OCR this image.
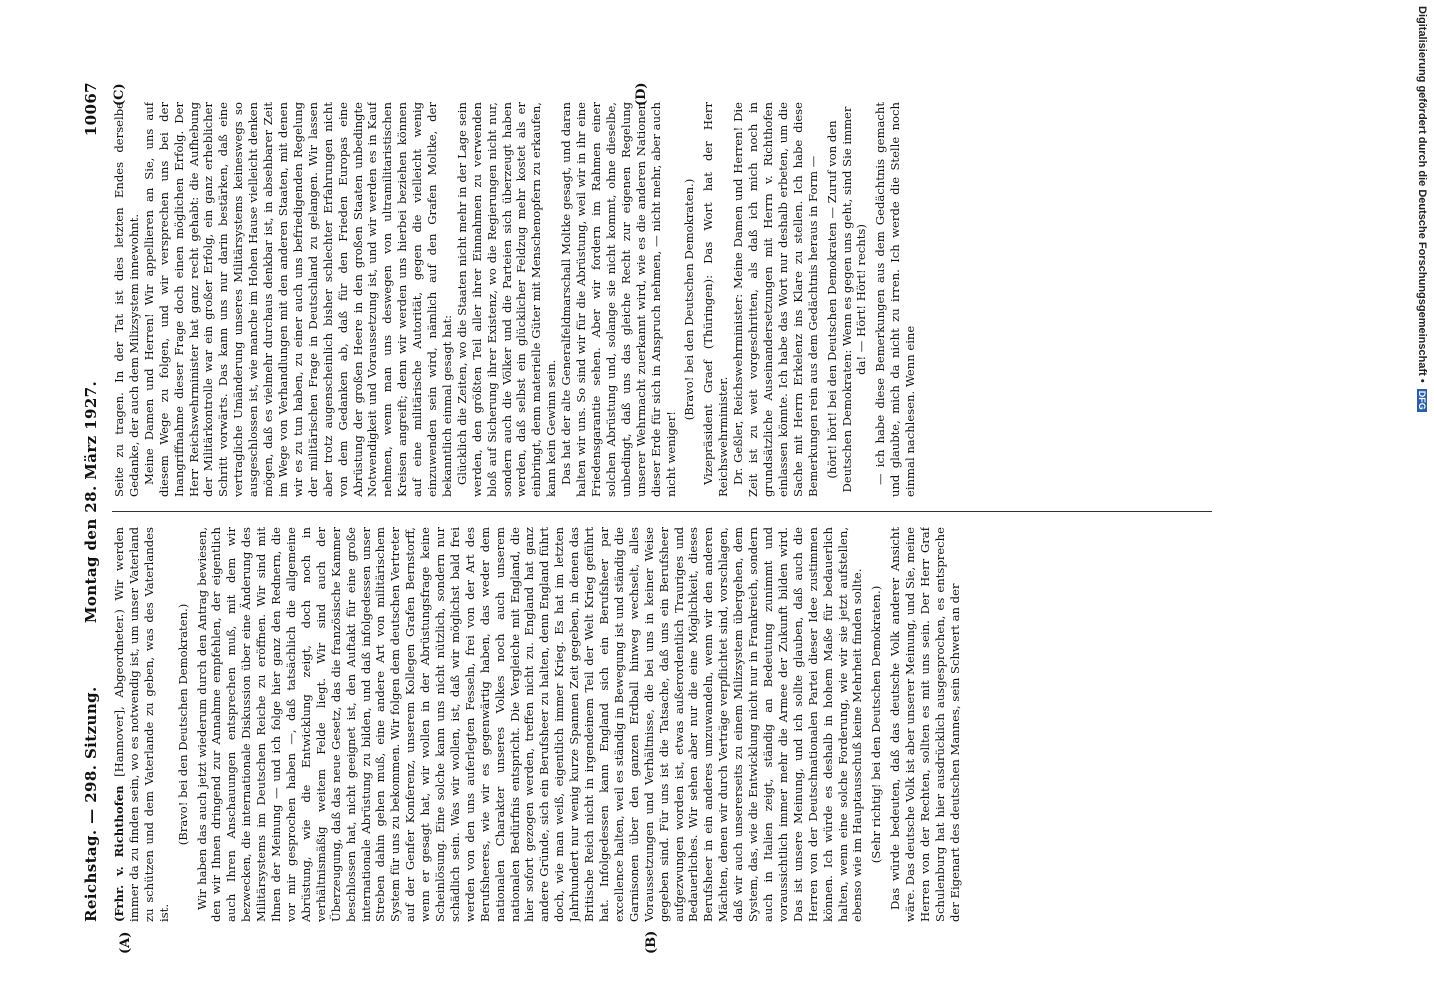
Reichstag. — 298. Sitzung.
Montag den 28. März 1927.
10067
(A)	(B)
(C)	(D)

(Frhr. v. Richthofen [Hannover], Abgeordneter.) Wir werden immer da zu finden sein, wo es notwendig ist, um unser Vaterland zu schützen und dem Vaterlande zu geben, was des Vaterlandes ist.

(Bravo! bei den Deutschen Demokraten.) Wir haben das auch jetzt wiederum durch den Antrag bewiesen, den wir Ihnen dringend zur Annahme empfehlen, der eigentlich auch Ihren Anschauungen entsprechen muß, mit dem wir bezwecken, die internationale Diskussion über eine Änderung des Militärsystems im Deutschen Reiche zu eröffnen. Wir sind mit Ihnen der Meinung — und ich folge hier ganz den Rednern, die vor mir gesprochen haben —, daß tatsächlich die allgemeine Abrüstung, wie die Entwicklung zeigt, doch noch in verhältnismäßig weitem Felde liegt. Wir sind auch der Überzeugung, daß das neue Gesetz, das die französische Kammer beschlossen hat, nicht geeignet ist, den Auftakt für eine große internationale Abrüstung zu bilden, und daß infolgedessen unser Streben dahin gehen muß, eine andere Art von militärischem System für uns zu bekommen. Wir folgen dem deutschen Vertreter auf der Genfer Konferenz, unserem Kollegen Grafen Bernstorff, wenn er gesagt hat, wir wollen in der Abrüstungsfrage keine Scheinlösung. Eine solche kann uns nicht nützlich, sondern nur schädlich sein. Was wir wollen, ist, daß wir möglichst bald frei werden von den uns auferlegten Fesseln, frei von der Art des Berufsheeres, wie wir es gegenwärtig haben, das weder dem nationalen Charakter unseres Volkes noch auch unserem nationalen Bedürfnis entspricht. Die Vergleiche mit England, die hier sofort gezogen werden, treffen nicht zu. England hat ganz andere Gründe, sich ein Berufsheer zu halten, denn England führt doch, wie man weiß, eigentlich immer Krieg. Es hat im letzten Jahrhundert nur wenig kurze Spannen Zeit gegeben, in denen das Britische Reich nicht in irgendeinem Teil der Welt Krieg geführt hat. Infolgedessen kann England sich ein Berufsheer par excellence halten, weil es ständig in Bewegung ist und ständig die Garnisonen über den ganzen Erdball hinweg wechselt, alles Voraussetzungen und Verhältnisse, die bei uns in keiner Weise gegeben sind. Für uns ist die Tatsache, daß uns ein Berufsheer aufgezwungen worden ist, etwas außerordentlich Trauriges und Bedauerliches. Wir sehen aber nur die eine Möglichkeit, dieses Berufsheer in ein anderes umzuwandeln, wenn wir den anderen Mächten, denen wir durch Verträge verpflichtet sind, vorschlagen, daß wir auch unsererseits zu einem Milizsystem übergehen, dem System, das, wie die Entwicklung nicht nur in Frankreich, sondern auch in Italien zeigt, ständig an Bedeutung zunimmt und voraussichtlich immer mehr die Armee der Zukunft bilden wird. Das ist unsere Meinung, und ich sollte glauben, daß auch die Herren von der Deutschnationalen Partei dieser Idee zustimmen können. Ich würde es deshalb in hohem Maße für bedauerlich halten, wenn eine solche Forderung, wie wir sie jetzt aufstellen, ebenso wie im Hauptausschuß keine Mehrheit finden sollte. (Sehr richtig! bei den Deutschen Demokraten.) Das würde bedeuten, daß das deutsche Volk anderer Ansicht wäre. Das deutsche Volk ist aber unserer Meinung, und Sie, meine Herren von der Rechten, sollten es mit uns sein. Der Herr Graf Schulenburg hat hier ausdrücklich ausgesprochen, es entspreche der Eigenart des deutschen Mannes, sein Schwert an der

Seite zu tragen. In der Tat ist dies letzten Endes derselbe Gedanke, der auch dem Milizsystem innewohnt. Meine Damen und Herren! Wir appellieren an Sie, uns auf diesem Wege zu folgen, und wir versprechen uns bei der Inangriffnahme dieser Frage doch einen möglichen Erfolg. Der Herr Reichswehrminister hat ganz recht gehabt: die Aufhebung der Militärkontrolle war ein großer Erfolg, ein ganz erheblicher Schritt vorwärts. Das kann uns nur darin bestärken, daß eine vertragliche Umänderung unseres Militärsystems keineswegs so ausgeschlossen ist, wie manche im Hohen Hause vielleicht denken mögen, daß es vielmehr durchaus denkbar ist, in absehbarer Zeit im Wege von Verhandlungen mit den anderen Staaten, mit denen wir es zu tun haben, zu einer auch uns befriedigenden Regelung der militärischen Frage in Deutschland zu gelangen. Wir lassen aber trotz augenscheinlich bisher schlechter Erfahrungen nicht von dem Gedanken ab, daß für den Frieden Europas eine Abrüstung der großen Heere in den großen Staaten unbedingte Notwendigkeit und Voraussetzung ist, und wir werden es in Kauf nehmen, wenn man uns deswegen von ultramilitaristischen Kreisen angreift; denn wir werden uns hierbei beziehen können auf eine militärische Autorität, gegen die vielleicht wenig einzuwenden sein wird, nämlich auf den Grafen Moltke, der bekanntlich einmal gesagt hat: Glücklich die Zeiten, wo die Staaten nicht mehr in der Lage sein werden, den größten Teil aller ihrer Einnahmen zu verwenden bloß auf Sicherung ihrer Existenz, wo die Regierungen nicht nur, sondern auch die Völker und die Parteien sich überzeugt haben werden, daß selbst ein glücklicher Feldzug mehr kostet als er einbringt, denn materielle Güter mit Menschenopfern zu erkaufen, kann kein Gewinn sein. Das hat der alte Generalfeldmarschall Moltke gesagt, und daran halten wir uns. So sind wir für die Abrüstung, weil wir in ihr eine Friedensgarantie sehen. Aber wir fordern im Rahmen einer solchen Abrüstung und, solange sie nicht kommt, ohne dieselbe, unbedingt, daß uns das gleiche Recht zur eigenen Regelung unserer Wehrmacht zuerkannt wird, wie es die anderen Nationen dieser Erde für sich in Anspruch nehmen, — nicht mehr, aber auch nicht weniger!

(Bravo! bei den Deutschen Demokraten.) Vizepräsident Graef (Thüringen): Das Wort hat der Herr Reichswehrminister. Dr. Geßler, Reichswehrminister: Meine Damen und Herren! Die Zeit ist zu weit vorgeschritten, als daß ich mich noch in grundsätzliche Auseinandersetzungen mit Herrn v. Richthofen einlassen könnte. Ich habe das Wort nur deshalb erbeten, um die Sache mit Herrn Erkelenz ins Klare zu stellen. Ich habe diese Bemerkungen rein aus dem Gedächtnis heraus in Form — (hört! hört! bei den Deutschen Demokraten — Zuruf von den Deutschen Demokraten: Wenn es gegen uns geht, sind Sie immer da! — Hört! Hört! rechts) — ich habe diese Bemerkungen aus dem Gedächtnis gemacht und glaubte, mich da nicht zu irren. Ich werde die Stelle noch einmal nachlesen. Wenn eine

Digitalisierung gefördert durch die Deutsche Forschungsgemeinschaft • DFG
